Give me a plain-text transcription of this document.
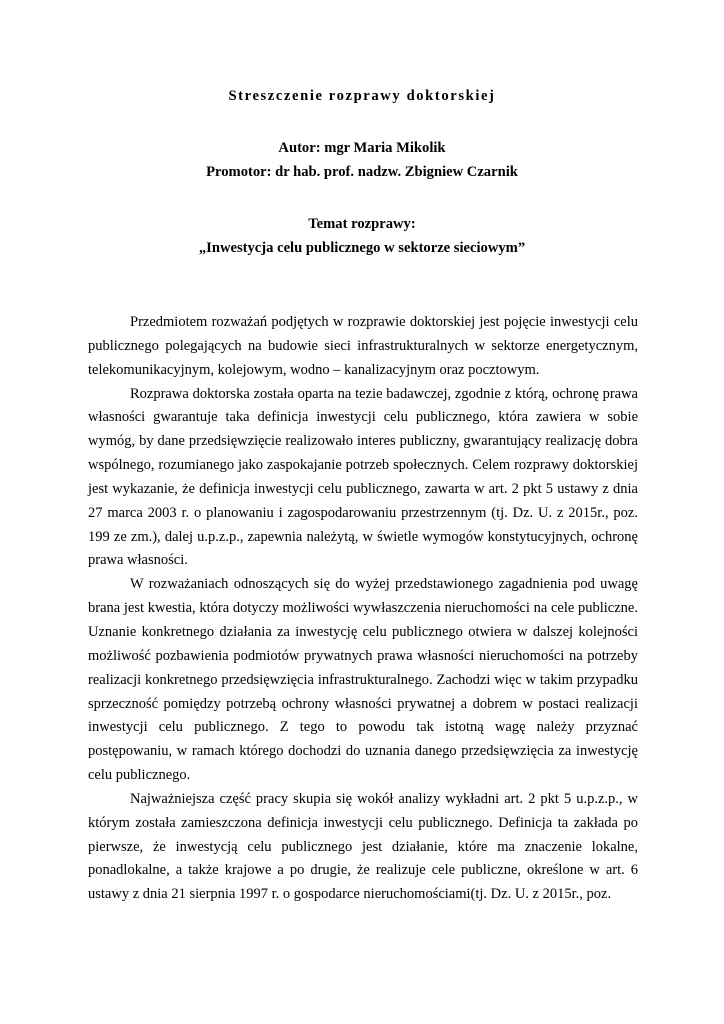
Streszczenie rozprawy doktorskiej
Autor: mgr Maria Mikolik
Promotor: dr hab. prof. nadzw. Zbigniew Czarnik
Temat rozprawy:
„Inwestycja celu publicznego w sektorze sieciowym”

Przedmiotem rozważań podjętych w rozprawie doktorskiej jest pojęcie inwestycji celu publicznego polegających na budowie sieci infrastrukturalnych w sektorze energetycznym, telekomunikacyjnym, kolejowym, wodno – kanalizacyjnym oraz pocztowym.

Rozprawa doktorska została oparta na tezie badawczej, zgodnie z którą, ochronę prawa własności gwarantuje taka definicja inwestycji celu publicznego, która zawiera w sobie wymóg, by dane przedsięwzięcie realizowało interes publiczny, gwarantujący realizację dobra wspólnego, rozumianego jako zaspokajanie potrzeb społecznych. Celem rozprawy doktorskiej jest wykazanie, że definicja inwestycji celu publicznego, zawarta w art. 2 pkt 5 ustawy z dnia 27 marca 2003 r. o planowaniu i zagospodarowaniu przestrzennym (tj. Dz. U. z 2015r., poz. 199 ze zm.), dalej u.p.z.p., zapewnia należytą, w świetle wymogów konstytucyjnych, ochronę prawa własności.

W rozważaniach odnoszących się do wyżej przedstawionego zagadnienia pod uwagę brana jest kwestia, która dotyczy możliwości wywłaszczenia nieruchomości na cele publiczne. Uznanie konkretnego działania za inwestycję celu publicznego otwiera w dalszej kolejności możliwość pozbawienia podmiotów prywatnych prawa własności nieruchomości na potrzeby realizacji konkretnego przedsięwzięcia infrastrukturalnego. Zachodzi więc w takim przypadku sprzeczność pomiędzy potrzebą ochrony własności prywatnej a dobrem w postaci realizacji inwestycji celu publicznego. Z tego to powodu tak istotną wagę należy przyznać postępowaniu, w ramach którego dochodzi do uznania danego przedsięwzięcia za inwestycję celu publicznego.

Najważniejsza część pracy skupia się wokół analizy wykładni art. 2 pkt 5 u.p.z.p., w którym została zamieszczona definicja inwestycji celu publicznego. Definicja ta zakłada po pierwsze, że inwestycją celu publicznego jest działanie, które ma znaczenie lokalne, ponadlokalne, a także krajowe a po drugie, że realizuje cele publiczne, określone w art. 6 ustawy z dnia 21 sierpnia 1997 r. o gospodarce nieruchomościami(tj. Dz. U. z 2015r., poz.
